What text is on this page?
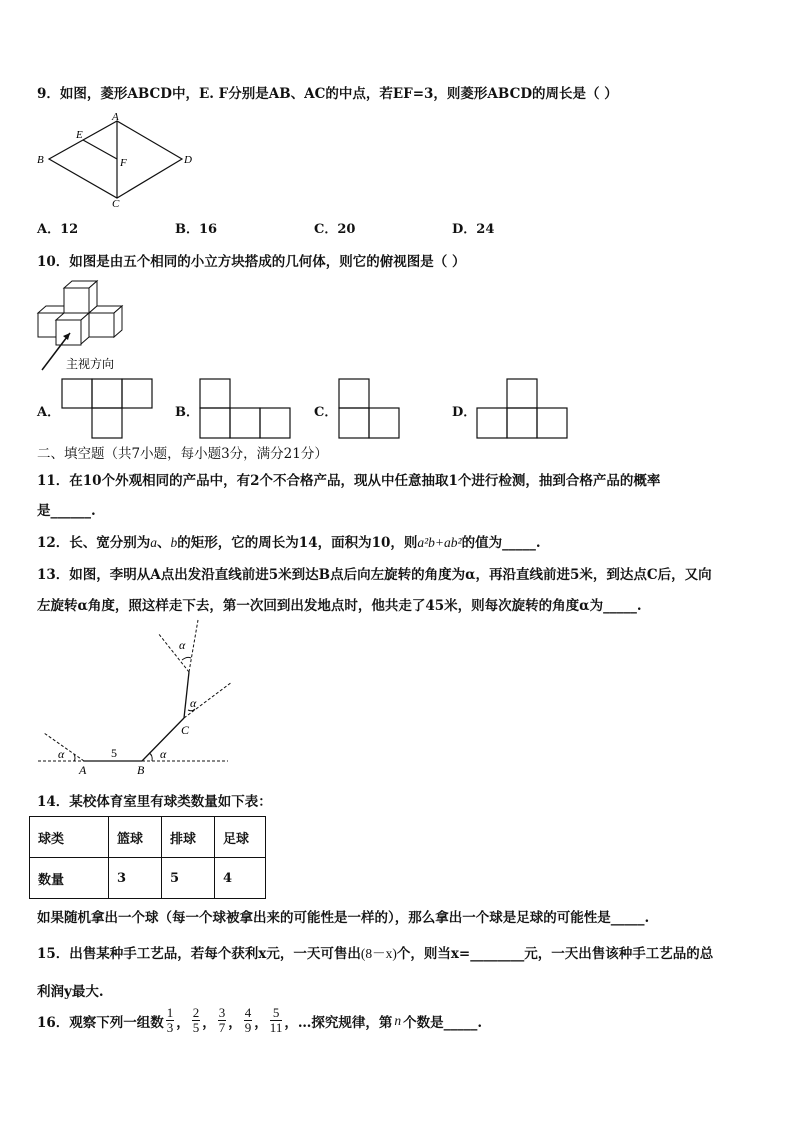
9．如图，菱形ABCD中，E. F分别是AB、AC的中点，若EF=3，则菱形ABCD的周长是（ ）
A
B
C
D
E
F
A．12	B．16	C．20	D．24
10．如图是由五个相同的小立方块搭成的几何体，则它的俯视图是（ ）
主视方向
A．	B．	C．	D．
二、填空题（共7小题，每小题3分，满分21分）
11．在10个外观相同的产品中，有2个不合格产品，现从中任意抽取1个进行检测，抽到合格产品的概率
是______.
12．长、宽分别为a、b的矩形，它的周长为14，面积为10，则a²b+ab²的值为_____.
13．如图，李明从A点出发沿直线前进5米到达B点后向左旋转的角度为α，再沿直线前进5米，到达点C后，又向
左旋转α角度，照这样走下去，第一次回到出发地点时，他共走了45米，则每次旋转的角度α为_____.
α	α
α
α
A	B
C
5
14．某校体育室里有球类数量如下表：
球类	篮球	排球	足球
数量	3	5	4
如果随机拿出一个球（每一个球被拿出来的可能性是一样的），那么拿出一个球是足球的可能性是_____.
15．出售某种手工艺品，若每个获利x元，一天可售出(8－x)个，则当x=________元，一天出售该种手工艺品的总
利润y最大.
16．观察下列一组数 $\frac{1}{3}$ ， $\frac{2}{5}$ ， $\frac{3}{7}$ ， $\frac{4}{9}$ ， $\frac{5}{11}$ ，…探究规律，第 n 个数是_____.
